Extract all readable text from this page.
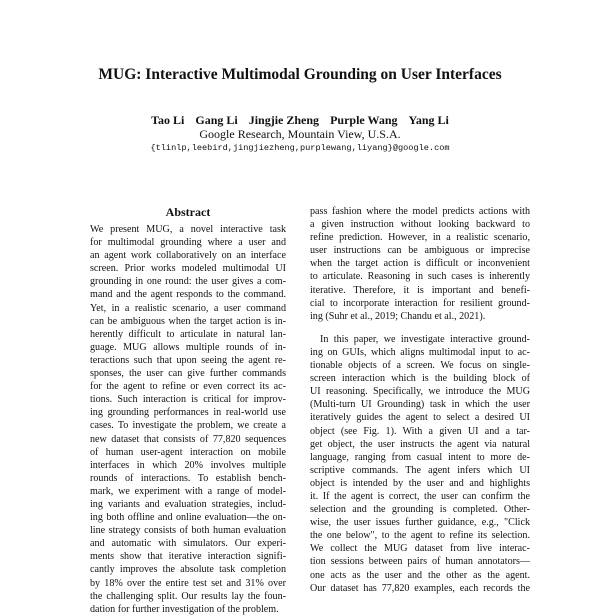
MUG: Interactive Multimodal Grounding on User Interfaces
Tao Li Gang Li Jingjie Zheng Purple Wang Yang Li
Google Research, Mountain View, U.S.A.
{tlinlp,leebird,jingjiezheng,purplewang,liyang}@google.com
Abstract
We present MUG, a novel interactive task
for multimodal grounding where a user and
an agent work collaboratively on an interface
screen. Prior works modeled multimodal UI
grounding in one round: the user gives a com-
mand and the agent responds to the command.
Yet, in a realistic scenario, a user command
can be ambiguous when the target action is in-
herently difficult to articulate in natural lan-
guage. MUG allows multiple rounds of in-
teractions such that upon seeing the agent re-
sponses, the user can give further commands
for the agent to refine or even correct its ac-
tions. Such interaction is critical for improv-
ing grounding performances in real-world use
cases. To investigate the problem, we create a
new dataset that consists of 77,820 sequences
of human user-agent interaction on mobile
interfaces in which 20% involves multiple
rounds of interactions. To establish bench-
mark, we experiment with a range of model-
ing variants and evaluation strategies, includ-
ing both offline and online evaluation—the on-
line strategy consists of both human evaluation
and automatic with simulators. Our experi-
ments show that iterative interaction signifi-
cantly improves the absolute task completion
by 18% over the entire test set and 31% over
the challenging split. Our results lay the foun-
dation for further investigation of the problem.
pass fashion where the model predicts actions with
a given instruction without looking backward to
refine prediction. However, in a realistic scenario,
user instructions can be ambiguous or imprecise
when the target action is difficult or inconvenient
to articulate. Reasoning in such cases is inherently
iterative. Therefore, it is important and benefi-
cial to incorporate interaction for resilient ground-
ing (Suhr et al., 2019; Chandu et al., 2021).
In this paper, we investigate interactive ground-
ing on GUIs, which aligns multimodal input to ac-
tionable objects of a screen. We focus on single-
screen interaction which is the building block of
UI reasoning. Specifically, we introduce the MUG
(Multi-turn UI Grounding) task in which the user
iteratively guides the agent to select a desired UI
object (see Fig. 1). With a given UI and a tar-
get object, the user instructs the agent via natural
language, ranging from casual intent to more de-
scriptive commands. The agent infers which UI
object is intended by the user and and highlights
it. If the agent is correct, the user can confirm the
selection and the grounding is completed. Other-
wise, the user issues further guidance, e.g., "Click
the one below", to the agent to refine its selection.
We collect the MUG dataset from live interac-
tion sessions between pairs of human annotators—
one acts as the user and the other as the agent.
Our dataset has 77,820 examples, each records the
